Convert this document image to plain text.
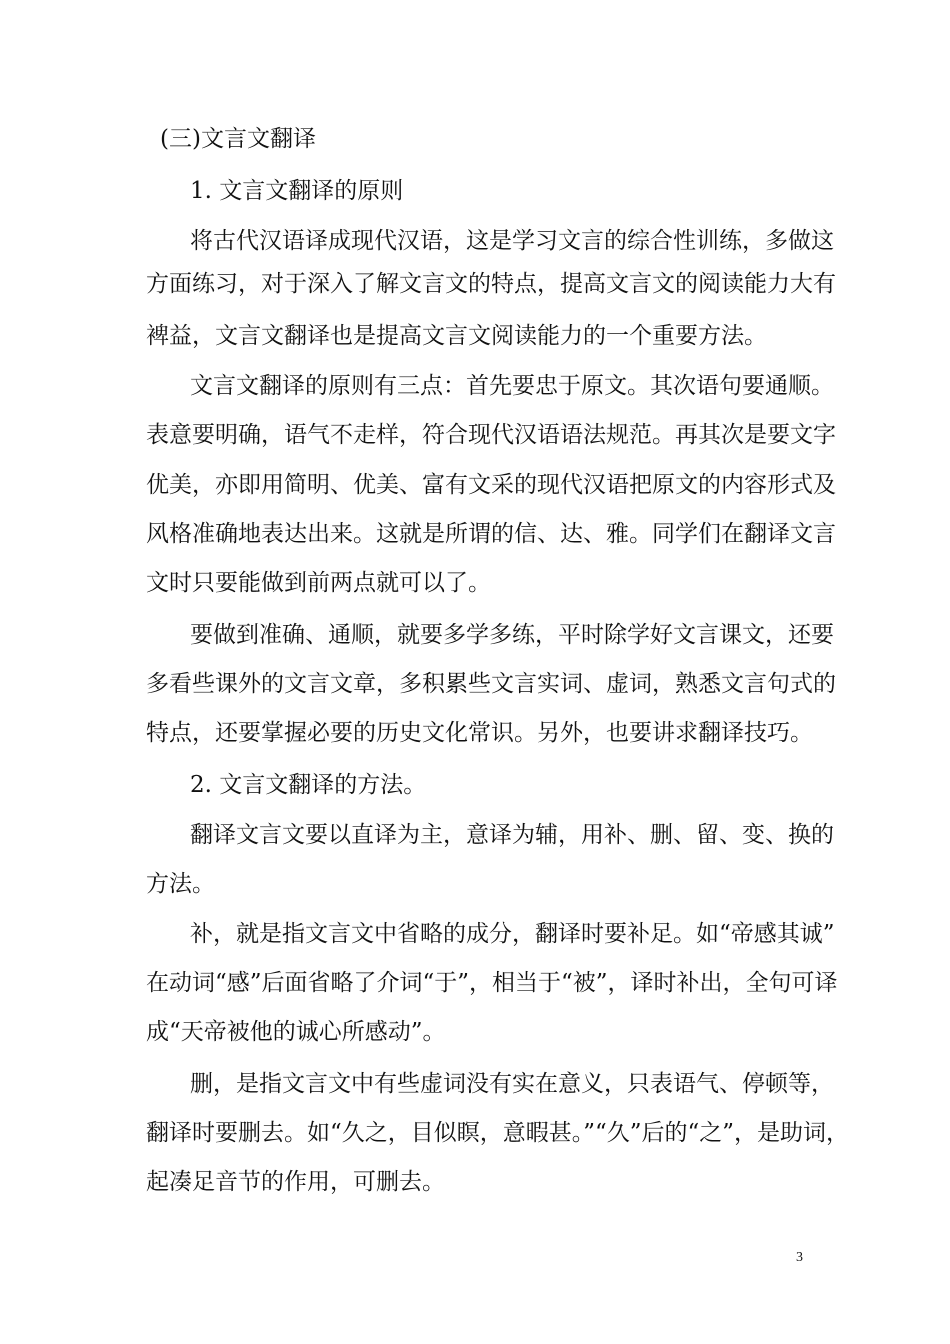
(三)文言文翻译
1. 文言文翻译的原则
将古代汉语译成现代汉语，这是学习文言的综合性训练，多做这
方面练习，对于深入了解文言文的特点，提高文言文的阅读能力大有
裨益，文言文翻译也是提高文言文阅读能力的一个重要方法。
文言文翻译的原则有三点：首先要忠于原文。其次语句要通顺。
表意要明确，语气不走样，符合现代汉语语法规范。再其次是要文字
优美，亦即用简明、优美、富有文采的现代汉语把原文的内容形式及
风格准确地表达出来。这就是所谓的信、达、雅。同学们在翻译文言
文时只要能做到前两点就可以了。
要做到准确、通顺，就要多学多练，平时除学好文言课文，还要
多看些课外的文言文章，多积累些文言实词、虚词，熟悉文言句式的
特点，还要掌握必要的历史文化常识。另外，也要讲求翻译技巧。
2. 文言文翻译的方法。
翻译文言文要以直译为主，意译为辅，用补、删、留、变、换的
方法。
补，就是指文言文中省略的成分，翻译时要补足。如“帝感其诚”
在动词“感”后面省略了介词“于”，相当于“被”，译时补出，全句可译
成“天帝被他的诚心所感动”。
删，是指文言文中有些虚词没有实在意义，只表语气、停顿等，
翻译时要删去。如“久之，目似瞑，意暇甚。”“久”后的“之”，是助词，
起凑足音节的作用，可删去。
3
